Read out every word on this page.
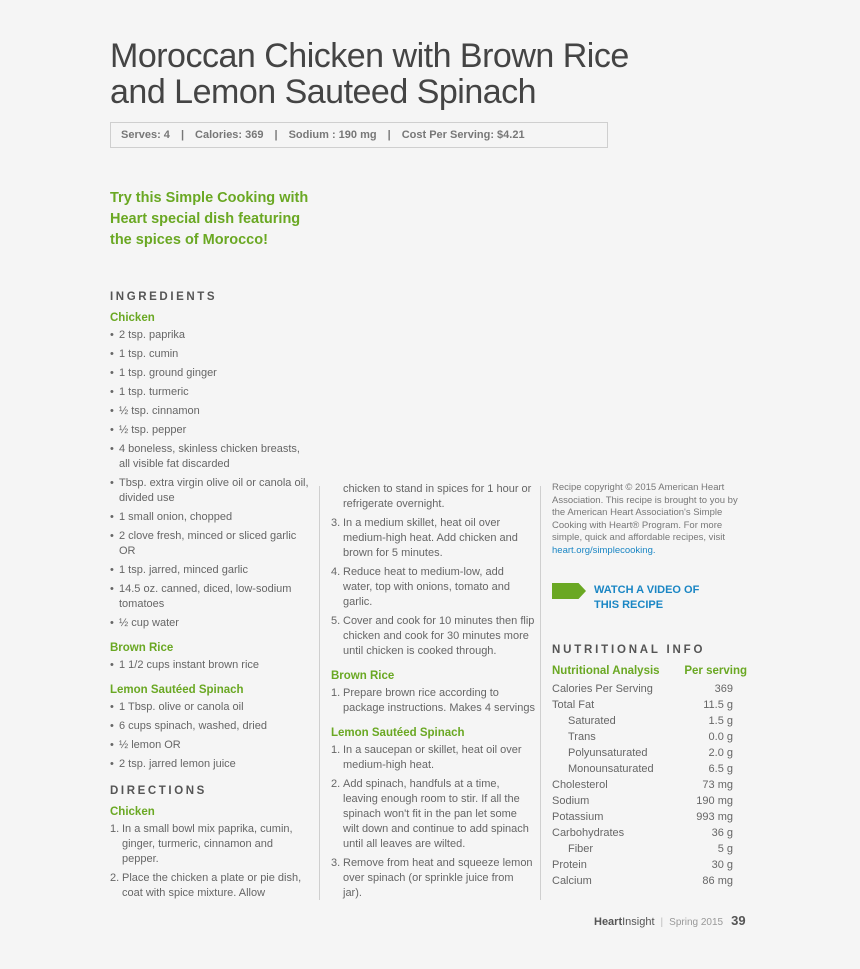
Moroccan Chicken with Brown Rice
and Lemon Sauteed Spinach
Serves: 4 | Calories: 369 | Sodium : 190 mg | Cost Per Serving: $4.21
Try this Simple Cooking with Heart special dish featuring the spices of Morocco!
INGREDIENTS
Chicken
• 2 tsp. paprika
• 1 tsp. cumin
• 1 tsp. ground ginger
• 1 tsp. turmeric
• ½ tsp. cinnamon
• ½ tsp. pepper
• 4 boneless, skinless chicken breasts, all visible fat discarded
• Tbsp. extra virgin olive oil or canola oil, divided use
• 1 small onion, chopped
• 2 clove fresh, minced or sliced garlic OR
• 1 tsp. jarred, minced garlic
• 14.5 oz. canned, diced, low-sodium tomatoes
• ½ cup water
Brown Rice
• 1 1/2 cups instant brown rice
Lemon Sautéed Spinach
• 1 Tbsp. olive or canola oil
• 6 cups spinach, washed, dried
• ½ lemon OR
• 2 tsp. jarred lemon juice
DIRECTIONS
Chicken
1. In a small bowl mix paprika, cumin, ginger, turmeric, cinnamon and pepper.
2. Place the chicken a plate or pie dish, coat with spice mixture. Allow
chicken to stand in spices for 1 hour or refrigerate overnight.
3. In a medium skillet, heat oil over medium-high heat. Add chicken and brown for 5 minutes.
4. Reduce heat to medium-low, add water, top with onions, tomato and garlic.
5. Cover and cook for 10 minutes then flip chicken and cook for 30 minutes more until chicken is cooked through.
Brown Rice
1. Prepare brown rice according to package instructions. Makes 4 servings
Lemon Sautéed Spinach
1. In a saucepan or skillet, heat oil over medium-high heat.
2. Add spinach, handfuls at a time, leaving enough room to stir. If all the spinach won't fit in the pan let some wilt down and continue to add spinach until all leaves are wilted.
3. Remove from heat and squeeze lemon over spinach (or sprinkle juice from jar).
Recipe copyright © 2015 American Heart Association. This recipe is brought to you by the American Heart Association's Simple Cooking with Heart® Program. For more simple, quick and affordable recipes, visit heart.org/simplecooking.
WATCH A VIDEO OF
THIS RECIPE
NUTRITIONAL INFO
Nutritional Analysis	Per serving
Calories Per Serving	369
Total Fat	11.5 g
Saturated	1.5 g
Trans	0.0 g
Polyunsaturated	2.0 g
Monounsaturated	6.5 g
Cholesterol	73 mg
Sodium	190 mg
Potassium	993 mg
Carbohydrates	36 g
Fiber	5 g
Protein	30 g
Calcium	86 mg
Heart Insight | Spring 2015 39
